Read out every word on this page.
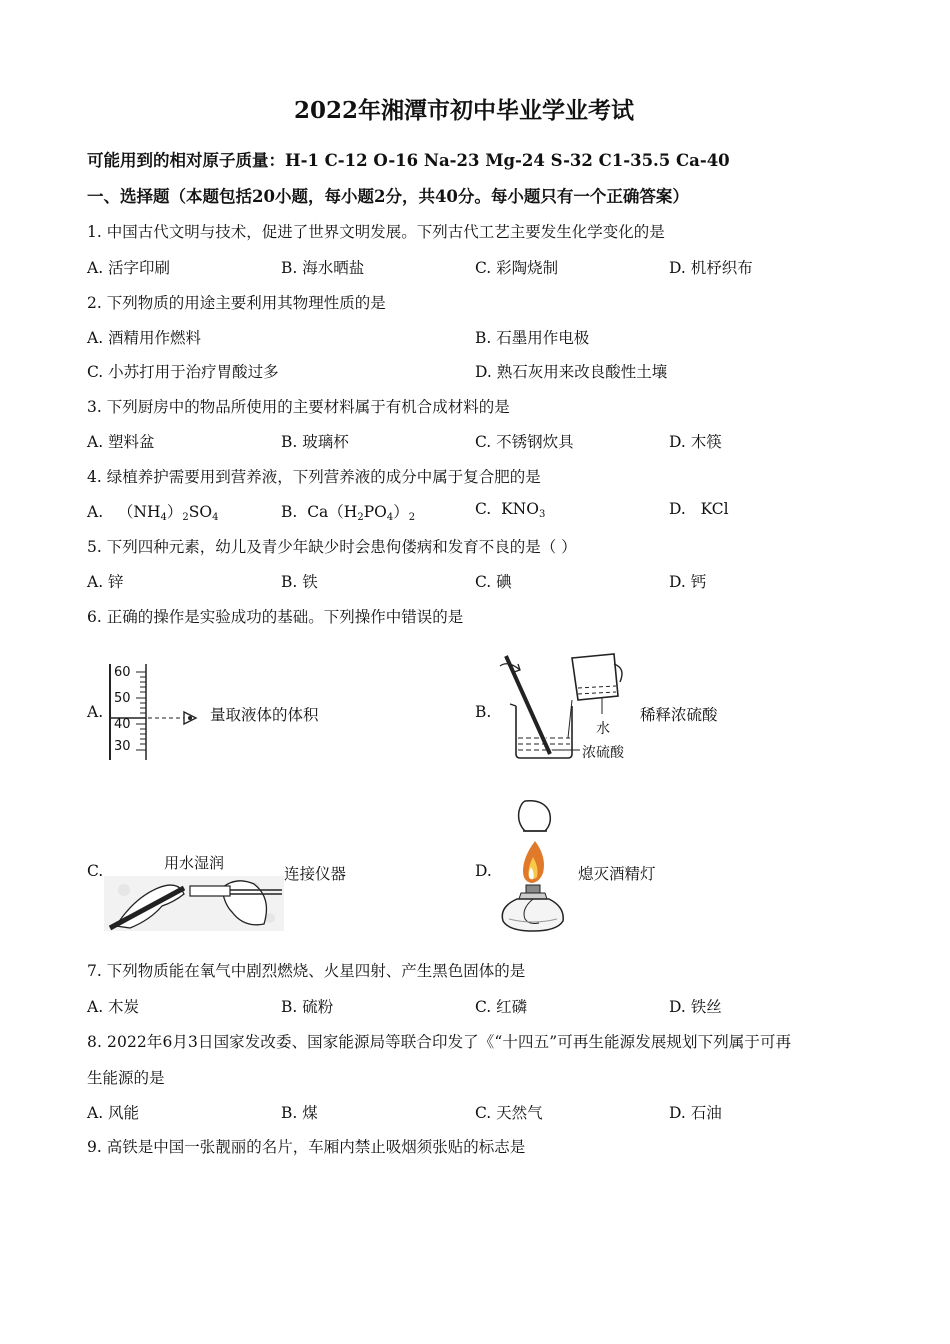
2022年湘潭市初中毕业学业考试
可能用到的相对原子质量：H-1 C-12 O-16 Na-23 Mg-24 S-32 C1-35.5 Ca-40
一、选择题（本题包括20小题，每小题2分，共40分。每小题只有一个正确答案）
1. 中国古代文明与技术，促进了世界文明发展。下列古代工艺主要发生化学变化的是
A. 活字印刷	B. 海水晒盐	C. 彩陶烧制	D. 机杼织布
2. 下列物质的用途主要利用其物理性质的是
A. 酒精用作燃料	B. 石墨用作电极
C. 小苏打用于治疗胃酸过多	D. 熟石灰用来改良酸性土壤
3. 下列厨房中的物品所使用的主要材料属于有机合成材料的是
A. 塑料盆	B. 玻璃杯	C. 不锈钢炊具	D. 木筷
4. 绿植养护需要用到营养液，下列营养液的成分中属于复合肥的是
A. $(NH_4)_2SO_4$	B. $Ca(H_2PO_4)_2$	C. $KNO_3$	D. KCl
5. 下列四种元素，幼儿及青少年缺少时会患佝偻病和发育不良的是（ ）
A. 锌	B. 铁	C. 碘	D. 钙
6. 正确的操作是实验成功的基础。下列操作中错误的是
A.
60
50
40
30
量取液体的体积	B.
水
浓硫酸
稀释浓硫酸
C.	用水湿润
连接仪器	D.	熄灭酒精灯
7. 下列物质能在氧气中剧烈燃烧、火星四射、产生黑色固体的是
A. 木炭	B. 硫粉	C. 红磷	D. 铁丝
8. 2022年6月3日国家发改委、国家能源局等联合印发了《“十四五”可再生能源发展规划下列属于可再
生能源的是
A. 风能	B. 煤	C. 天然气	D. 石油
9. 高铁是中国一张靓丽的名片，车厢内禁止吸烟须张贴的标志是
